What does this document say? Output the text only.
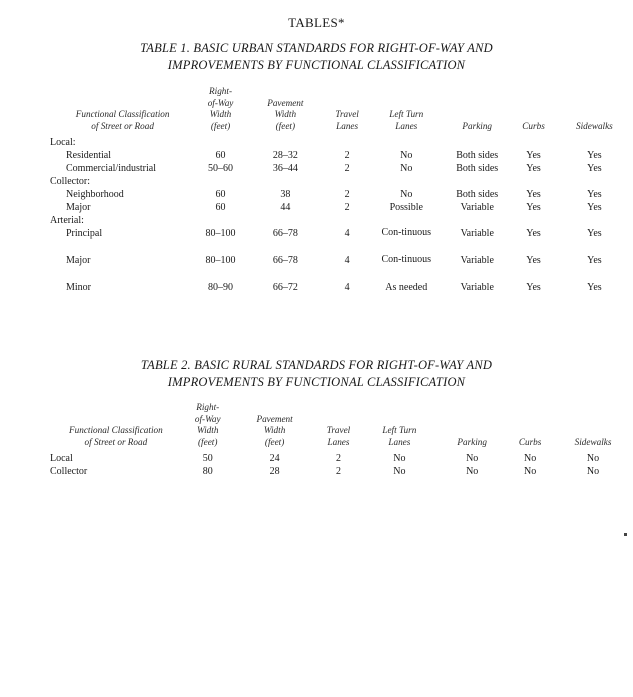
TABLES*
TABLE 1. BASIC URBAN STANDARDS FOR RIGHT-OF-WAY AND
IMPROVEMENTS BY FUNCTIONAL CLASSIFICATION
Functional Classification
of Street or Road	Right-
of-Way
Width
(feet)	Pavement
Width
(feet)	Travel
Lanes	Left Turn
Lanes	Parking	Curbs	Sidewalks

Local:							
Residential	60	28–32	2	No	Both sides	Yes	Yes
Commercial/industrial	50–60	36–44	2	No	Both sides	Yes	Yes
Collector:							
Neighborhood	60	38	2	No	Both sides	Yes	Yes
Major	60	44	2	Possible	Variable	Yes	Yes
Arterial:							
Principal	80–100	66–78	4	Con-tinuous	Variable	Yes	Yes
Major	80–100	66–78	4	Con-tinuous	Variable	Yes	Yes
Minor	80–90	66–72	4	As needed	Variable	Yes	Yes
TABLE 2. BASIC RURAL STANDARDS FOR RIGHT-OF-WAY AND
IMPROVEMENTS BY FUNCTIONAL CLASSIFICATION
Functional Classification
of Street or Road	Right-
of-Way
Width
(feet)	Pavement
Width
(feet)	Travel
Lanes	Left Turn
Lanes	Parking	Curbs	Sidewalks

Local	50	24	2	No	No	No	No
Collector	80	28	2	No	No	No	No
